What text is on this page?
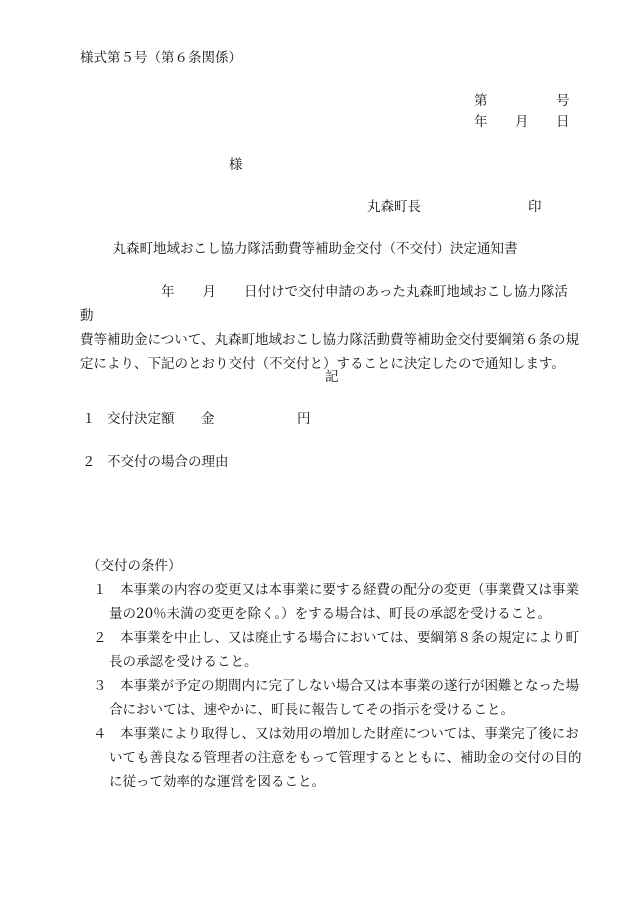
様式第５号（第６条関係）
第	号
年 月 日
様
丸森町長	印
丸森町地域おこし協力隊活動費等補助金交付（不交付）決定通知書
年 月 日付けで交付申請のあった丸森町地域おこし協力隊活動
費等補助金について、丸森町地域おこし協力隊活動費等補助金交付要綱第６条の規
定により、下記のとおり交付（不交付と）することに決定したので通知します。
記
１ 交付決定額 金	円
２ 不交付の場合の理由
（交付の条件）
１　本事業の内容の変更又は本事業に要する経費の配分の変更（事業費又は事業量の20％未満の変更を除く。）をする場合は、町長の承認を受けること。
２　本事業を中止し、又は廃止する場合においては、要綱第８条の規定により町長の承認を受けること。
３　本事業が予定の期間内に完了しない場合又は本事業の遂行が困難となった場合においては、速やかに、町長に報告してその指示を受けること。
４　本事業により取得し、又は効用の増加した財産については、事業完了後においても善良なる管理者の注意をもって管理するとともに、補助金の交付の目的に従って効率的な運営を図ること。
